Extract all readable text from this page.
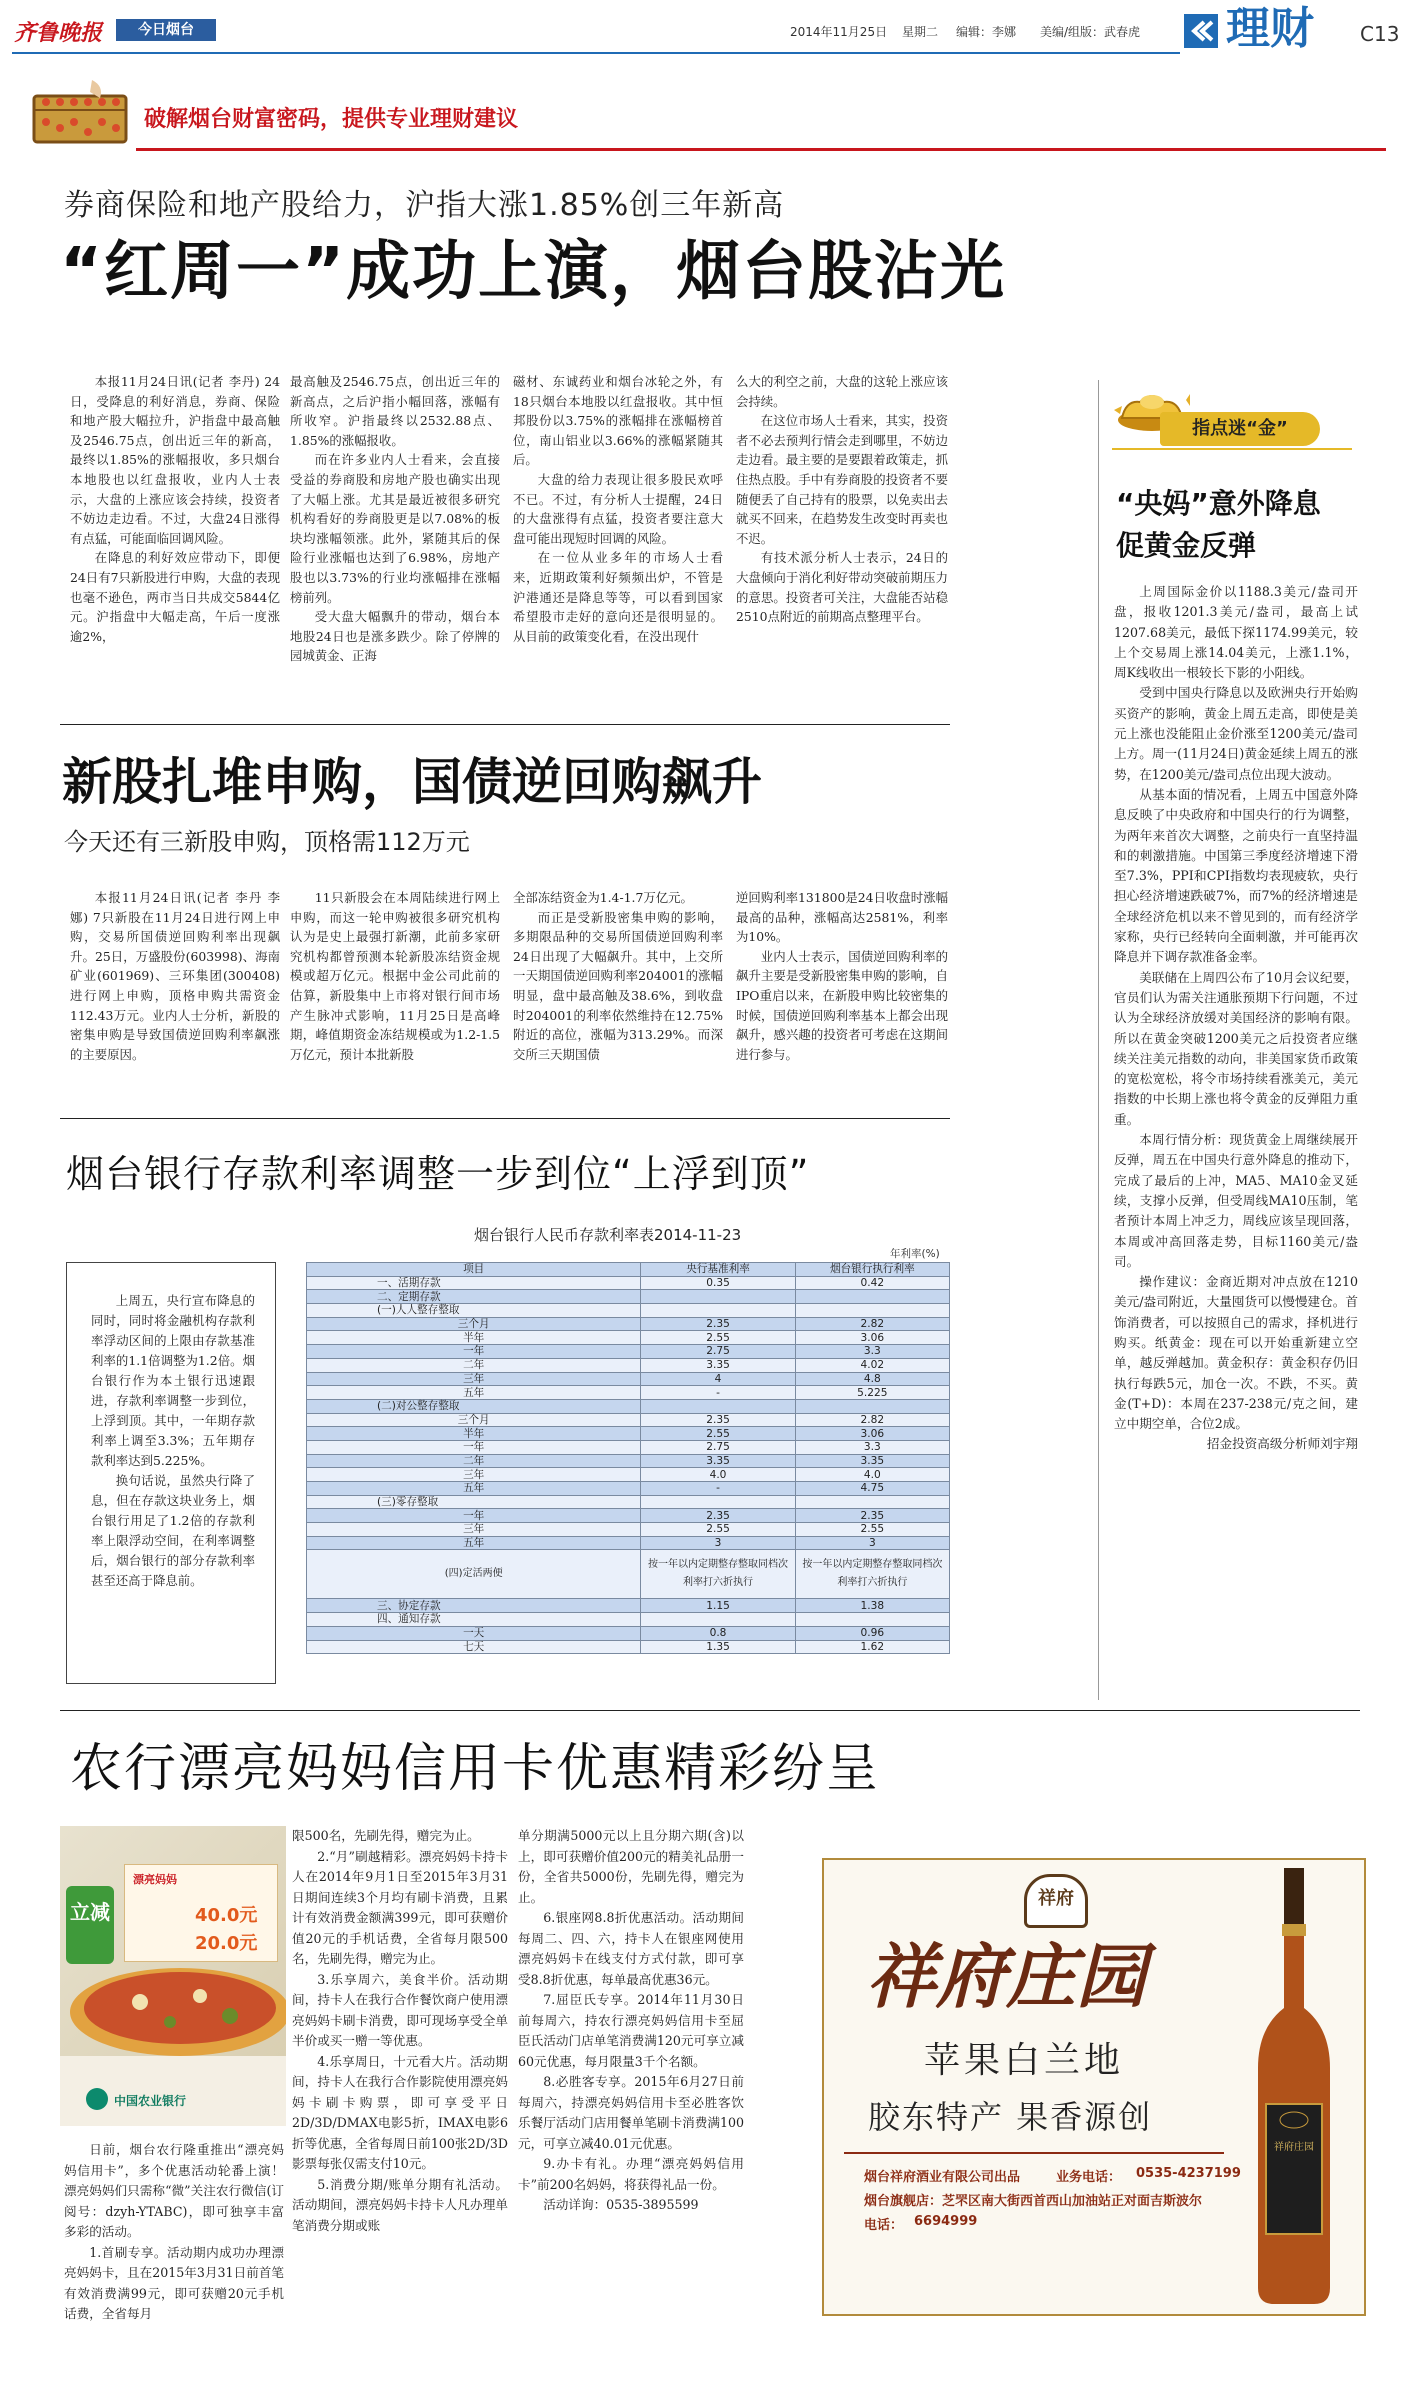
齐鲁晚报	今日烟台	2014年11月25日 星期二 编辑：李娜 美编/组版：武春虎 理财 C13
破解烟台财富密码，提供专业理财建议
券商保险和地产股给力，沪指大涨1.85%创三年新高
“红周一”成功上演，烟台股沾光

本报11月24日讯(记者 李丹) 24日，受降息的利好消息，券商、保险和地产股大幅拉升，沪指盘中最高触及2546.75点，创出近三年的新高，最终以1.85%的涨幅报收，多只烟台本地股也以红盘报收，业内人士表示，大盘的上涨应该会持续，投资者不妨边走边看。不过，大盘24日涨得有点猛，可能面临回调风险。

在降息的利好效应带动下，即便24日有7只新股进行申购，大盘的表现也毫不逊色，两市当日共成交5844亿元。沪指盘中大幅走高，午后一度涨逾2%，

最高触及2546.75点，创出近三年的新高点，之后沪指小幅回落，涨幅有所收窄。沪指最终以2532.88点、1.85%的涨幅报收。

而在许多业内人士看来，会直接受益的券商股和房地产股也确实出现了大幅上涨。尤其是最近被很多研究机构看好的券商股更是以7.08%的板块均涨幅领涨。此外，紧随其后的保险行业涨幅也达到了6.98%，房地产股也以3.73%的行业均涨幅排在涨幅榜前列。

受大盘大幅飘升的带动，烟台本地股24日也是涨多跌少。除了停牌的园城黄金、正海

磁材、东诚药业和烟台冰轮之外，有18只烟台本地股以红盘报收。其中恒邦股份以3.75%的涨幅排在涨幅榜首位，南山铝业以3.66%的涨幅紧随其后。

大盘的给力表现让很多股民欢呼不已。不过，有分析人士提醒，24日的大盘涨得有点猛，投资者要注意大盘可能出现短时回调的风险。

在一位从业多年的市场人士看来，近期政策利好频频出炉，不管是沪港通还是降息等等，可以看到国家希望股市走好的意向还是很明显的。从目前的政策变化看，在没出现什

么大的利空之前，大盘的这轮上涨应该会持续。

在这位市场人士看来，其实，投资者不必去预判行情会走到哪里，不妨边走边看。最主要的是要跟着政策走，抓住热点股。手中有券商股的投资者不要随便丢了自己持有的股票，以免卖出去就买不回来，在趋势发生改变时再卖也不迟。

有技术派分析人士表示，24日的大盘倾向于消化利好带动突破前期压力的意思。投资者可关注，大盘能否站稳2510点附近的前期高点整理平台。

新股扎堆申购，国债逆回购飙升
今天还有三新股申购，顶格需112万元

本报11月24日讯(记者 李丹 李娜) 7只新股在11月24日进行网上申购，交易所国债逆回购利率出现飙升。25日，万盛股份(603998)、海南矿业(601969)、三环集团(300408)进行网上申购，顶格申购共需资金112.43万元。业内人士分析，新股的密集申购是导致国债逆回购利率飙涨的主要原因。

11只新股会在本周陆续进行网上申购，而这一轮申购被很多研究机构认为是史上最强打新潮，此前多家研究机构都曾预测本轮新股冻结资金规模或超万亿元。根据中金公司此前的估算，新股集中上市将对银行间市场产生脉冲式影响，11月25日是高峰期，峰值期资金冻结规模或为1.2-1.5万亿元，预计本批新股

全部冻结资金为1.4-1.7万亿元。

而正是受新股密集申购的影响，多期限品种的交易所国债逆回购利率24日出现了大幅飙升。其中，上交所一天期国债逆回购利率204001的涨幅明显，盘中最高触及38.6%，到收盘时204001的利率依然维持在12.75%附近的高位，涨幅为313.29%。而深交所三天期国债

逆回购利率131800是24日收盘时涨幅最高的品种，涨幅高达2581%，利率为10%。

业内人士表示，国债逆回购利率的飙升主要是受新股密集申购的影响，自IPO重启以来，在新股申购比较密集的时候，国债逆回购利率基本上都会出现飙升，感兴趣的投资者可考虑在这期间进行参与。

烟台银行存款利率调整一步到位“上浮到顶”

上周五，央行宣布降息的同时，同时将金融机构存款利率浮动区间的上限由存款基准利率的1.1倍调整为1.2倍。烟台银行作为本土银行迅速跟进，存款利率调整一步到位，上浮到顶。其中，一年期存款利率上调至3.3%；五年期存款利率达到5.225%。

换句话说，虽然央行降了息，但在存款这块业务上，烟台银行用足了1.2倍的存款利率上限浮动空间，在利率调整后，烟台银行的部分存款利率甚至还高于降息前。

烟台银行人民币存款利率表2014-11-23
年利率(%)
项目	央行基准利率	烟台银行执行利率
一、活期存款	0.35	0.42
二、定期存款		
(一)人人整存整取		
三个月	2.35	2.82
半年	2.55	3.06
一年	2.75	3.3
二年	3.35	4.02
三年	4	4.8
五年	-	5.225
(二)对公整存整取		
三个月	2.35	2.82
半年	2.55	3.06
一年	2.75	3.3
二年	3.35	3.35
三年	4.0	4.0
五年	-	4.75
(三)零存整取		
一年	2.35	2.35
三年	2.55	2.55
五年	3	3
(四)定活两便	按一年以内定期整存整取同档次利率打六折执行	按一年以内定期整存整取同档次利率打六折执行
三、协定存款	1.15	1.38
四、通知存款		
一天	0.8	0.96
七天	1.35	1.62
指点迷“金”
“央妈”意外降息
促黄金反弹

上周国际金价以1188.3美元/盎司开盘，报收1201.3美元/盎司，最高上试1207.68美元，最低下探1174.99美元，较上个交易周上涨14.04美元，上涨1.1%，周K线收出一根较长下影的小阳线。

受到中国央行降息以及欧洲央行开始购买资产的影响，黄金上周五走高，即使是美元上涨也没能阻止金价涨至1200美元/盎司上方。周一(11月24日)黄金延续上周五的涨势，在1200美元/盎司点位出现大波动。

从基本面的情况看，上周五中国意外降息反映了中央政府和中国央行的行为调整，为两年来首次大调整，之前央行一直坚持温和的刺激措施。中国第三季度经济增速下滑至7.3%，PPI和CPI指数均表现疲软，央行担心经济增速跌破7%，而7%的经济增速是全球经济危机以来不曾见到的，而有经济学家称，央行已经转向全面刺激，并可能再次降息并下调存款准备金率。

美联储在上周四公布了10月会议纪要，官员们认为需关注通胀预期下行问题，不过认为全球经济放缓对美国经济的影响有限。所以在黄金突破1200美元之后投资者应继续关注美元指数的动向，非美国家货币政策的宽松宽松，将令市场持续看涨美元，美元指数的中长期上涨也将令黄金的反弹阻力重重。

本周行情分析：现货黄金上周继续展开反弹，周五在中国央行意外降息的推动下，完成了最后的上冲，MA5、MA10金叉延续，支撑小反弹，但受周线MA10压制，笔者预计本周上冲乏力，周线应该呈现回落，本周或冲高回落走势，目标1160美元/盎司。

操作建议：金商近期对冲点放在1210美元/盎司附近，大量囤货可以慢慢建仓。首饰消费者，可以按照自己的需求，择机进行购买。纸黄金：现在可以开始重新建立空单，越反弹越加。黄金积存：黄金积存仍旧执行每跌5元，加仓一次。不跌，不买。黄金(T+D)：本周在237-238元/克之间，建立中期空单，合位2成。

招金投资高级分析师刘宇翔

农行漂亮妈妈信用卡优惠精彩纷呈
漂亮妈妈
40.0元
20.0元
立减
中国农业银行

日前，烟台农行隆重推出“漂亮妈妈信用卡”，多个优惠活动轮番上演！漂亮妈妈们只需称“微”关注农行微信(订阅号：dzyh-YTABC)，即可独享丰富多彩的活动。

1.首刷专享。活动期内成功办理漂亮妈妈卡，且在2015年3月31日前首笔有效消费满99元，即可获赠20元手机话费，全省每月

限500名，先刷先得，赠完为止。

2.“月”刷越精彩。漂亮妈妈卡持卡人在2014年9月1日至2015年3月31日期间连续3个月均有刷卡消费，且累计有效消费金额满399元，即可获赠价值20元的手机话费，全省每月限500名，先刷先得，赠完为止。

3.乐享周六，美食半价。活动期间，持卡人在我行合作餐饮商户使用漂亮妈妈卡刷卡消费，即可现场享受全单半价或买一赠一等优惠。

4.乐享周日，十元看大片。活动期间，持卡人在我行合作影院使用漂亮妈妈卡刷卡购票，即可享受平日2D/3D/DMAX电影5折，IMAX电影6折等优惠，全省每周日前100张2D/3D影票每张仅需支付10元。

5.消费分期/账单分期有礼活动。活动期间，漂亮妈妈卡持卡人凡办理单笔消费分期或账

单分期满5000元以上且分期六期(含)以上，即可获赠价值200元的精美礼品册一份，全省共5000份，先刷先得，赠完为止。

6.银座网8.8折优惠活动。活动期间每周二、四、六，持卡人在银座网使用漂亮妈妈卡在线支付方式付款，即可享受8.8折优惠，每单最高优惠36元。

7.屈臣氏专享。2014年11月30日前每周六，持农行漂亮妈妈信用卡至屈臣氏活动门店单笔消费满120元可享立减60元优惠，每月限量3千个名额。

8.必胜客专享。2015年6月27日前每周六，持漂亮妈妈信用卡至必胜客饮乐餐厅活动门店用餐单笔刷卡消费满100元，可享立减40.01元优惠。

9.办卡有礼。办理“漂亮妈妈信用卡”前200名妈妈，将获得礼品一份。

活动详询：0535-3895599

祥府
祥府庄园
苹果白兰地
胶东特产 果香源创
烟台祥府酒业有限公司出品	业务电话： 0535-4237199
烟台旗舰店：芝罘区南大街西首西山加油站正对面吉斯波尔
电话： 6694999
祥府庄园
